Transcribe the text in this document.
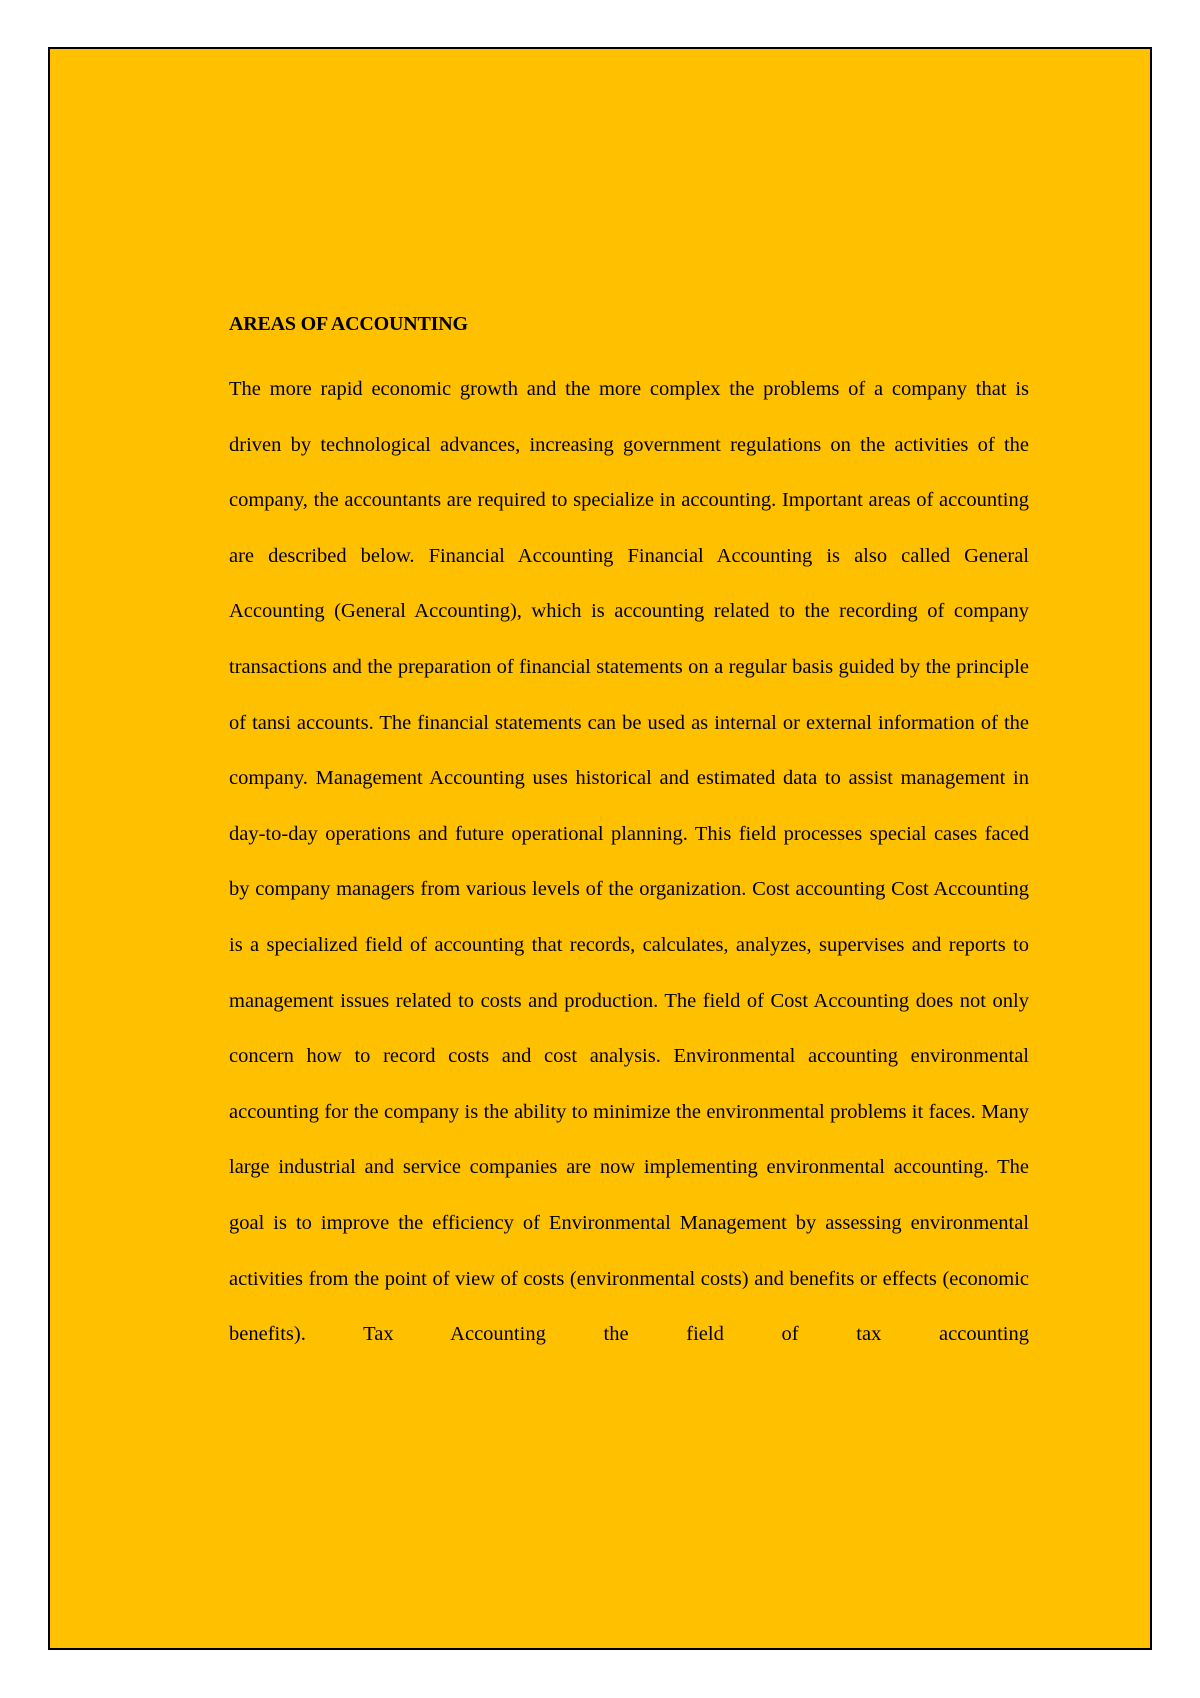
AREAS OF ACCOUNTING

The more rapid economic growth and the more complex the problems of a company that is driven by technological advances, increasing government regulations on the activities of the company, the accountants are required to specialize in accounting. Important areas of accounting are described below. Financial Accounting Financial Accounting is also called General Accounting (General Accounting), which is accounting related to the recording of company transactions and the preparation of financial statements on a regular basis guided by the principle of tansi accounts. The financial statements can be used as internal or external information of the company. Management Accounting uses historical and estimated data to assist management in day-to-day operations and future operational planning. This field processes special cases faced by company managers from various levels of the organization. Cost accounting Cost Accounting is a specialized field of accounting that records, calculates, analyzes, supervises and reports to management issues related to costs and production. The field of Cost Accounting does not only concern how to record costs and cost analysis. Environmental accounting environmental accounting for the company is the ability to minimize the environmental problems it faces. Many large industrial and service companies are now implementing environmental accounting. The goal is to improve the efficiency of Environmental Management by assessing environmental activities from the point of view of costs (environmental costs) and benefits or effects (economic benefits). Tax Accounting the field of tax accounting
